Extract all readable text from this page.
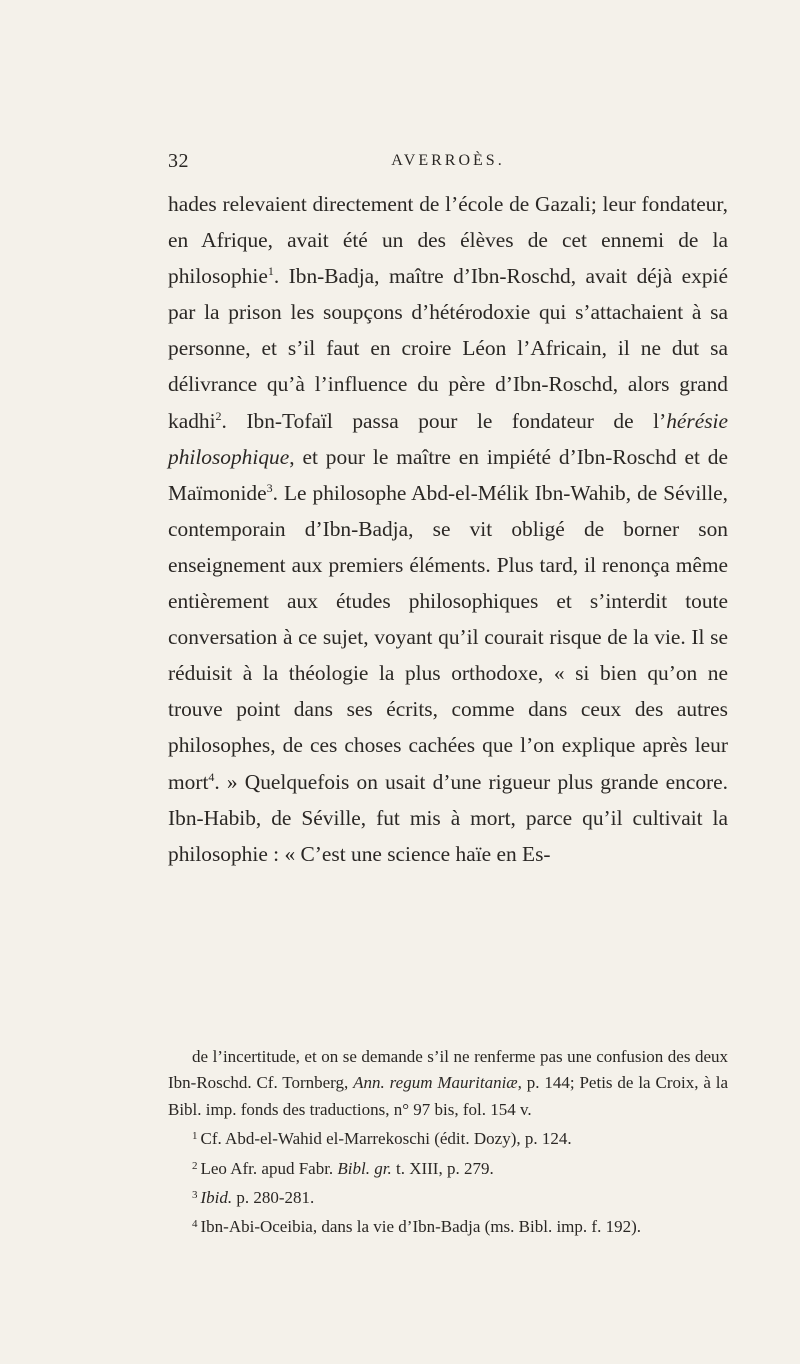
32	AVERROÈS.

hades relevaient directement de l’école de Gazali; leur fondateur, en Afrique, avait été un des élèves de cet ennemi de la philosophie$^1$. Ibn-Badja, maître d’Ibn-Roschd, avait déjà expié par la prison les soupçons d’hétérodoxie qui s’attachaient à sa personne, et s’il faut en croire Léon l’Africain, il ne dut sa délivrance qu’à l’influence du père d’Ibn-Roschd, alors grand kadhi$^2$. Ibn-Tofaïl passa pour le fondateur de l’hérésie philosophique, et pour le maître en impiété d’Ibn-Roschd et de Maïmonide$^3$. Le philosophe Abd-el-Mélik Ibn-Wahib, de Séville, contemporain d’Ibn-Badja, se vit obligé de borner son enseignement aux premiers éléments. Plus tard, il renonça même entièrement aux études philosophiques et s’interdit toute conversation à ce sujet, voyant qu’il courait risque de la vie. Il se réduisit à la théologie la plus orthodoxe, « si bien qu’on ne trouve point dans ses écrits, comme dans ceux des autres philosophes, de ces choses cachées que l’on explique après leur mort$^4$. » Quelquefois on usait d’une rigueur plus grande encore. Ibn-Habib, de Séville, fut mis à mort, parce qu’il cultivait la philosophie : « C’est une science haïe en Es-

de l’incertitude, et on se demande s’il ne renferme pas une confusion des deux Ibn-Roschd. Cf. Tornberg, Ann. regum Mauritaniæ, p. 144; Petis de la Croix, à la Bibl. imp. fonds des traductions, n° 97 bis, fol. 154 v.

$^1$ Cf. Abd-el-Wahid el-Marrekoschi (édit. Dozy), p. 124.

$^2$ Leo Afr. apud Fabr. Bibl. gr. t. XIII, p. 279.

$^3$ Ibid. p. 280-281.

$^4$ Ibn-Abi-Oceibia, dans la vie d’Ibn-Badja (ms. Bibl. imp. f. 192).
